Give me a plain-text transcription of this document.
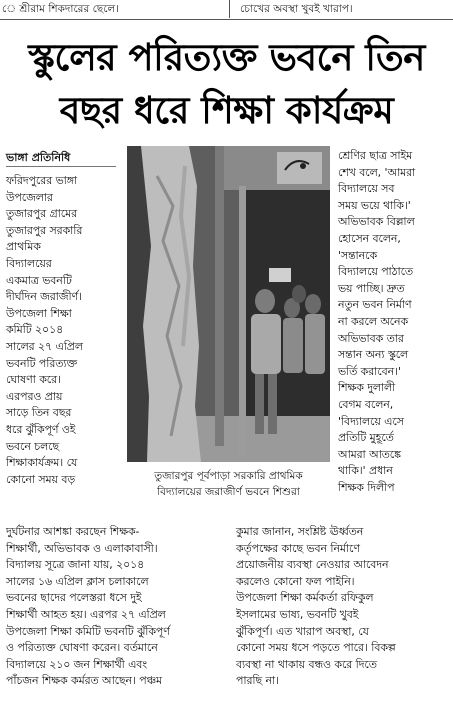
ে শ্রীরাম শিকদারের ছেলে।	চোখের অবস্থা খুবই খারাপ।
স্কুলের পরিত্যক্ত ভবনে তিন
বছর ধরে শিক্ষা কার্যক্রম
ভাঙ্গা প্রতিনিধি

ফরিদপুরের ভাঙ্গা

উপজেলার

তুজারপুর গ্রামের

তুজারপুর সরকারি

প্রাথমিক

বিদ্যালয়ের

একমাত্র ভবনটি

দীর্ঘদিন জরাজীর্ণ।

উপজেলা শিক্ষা

কমিটি ২০১৪

সালের ২৭ এপ্রিল

ভবনটি পরিত্যক্ত

ঘোষণা করে।

এরপরও প্রায়

সাড়ে তিন বছর

ধরে ঝুঁকিপূর্ণ ওই

ভবনে চলছে

শিক্ষাকার্যক্রম। যে

কোনো সময় বড়	তুজারপুর পূর্বপাড়া সরকারি প্রাথমিক
বিদ্যালয়ের জরাজীর্ণ ভবনে শিশুরা

শ্রেণির ছাত্র সাইম

শেখ বলে, 'আমরা

বিদ্যালয়ে সব

সময় ভয়ে থাকি।'

অভিভাবক বিল্লাল

হোসেন বলেন,

'সন্তানকে

বিদ্যালয়ে পাঠাতে

ভয় পাচ্ছি। দ্রুত

নতুন ভবন নির্মাণ

না করলে অনেক

অভিভাবক তার

সন্তান অন্য স্কুলে

ভর্তি করাবেন।'

শিক্ষক দুলালী

বেগম বলেন,

'বিদ্যালয়ে এসে

প্রতিটি মুহূর্তে

আমরা আতঙ্কে

থাকি।' প্রধান

শিক্ষক দিলীপ

দুর্ঘটনার আশঙ্কা করছেন শিক্ষক-

শিক্ষার্থী, অভিভাবক ও এলাকাবাসী।

বিদ্যালয় সূত্রে জানা যায়, ২০১৪

সালের ১৬ এপ্রিল ক্লাস চলাকালে

ভবনের ছাদের পলেস্তরা ধসে দুই

শিক্ষার্থী আহত হয়। এরপর ২৭ এপ্রিল

উপজেলা শিক্ষা কমিটি ভবনটি ঝুঁকিপূর্ণ

ও পরিত্যক্ত ঘোষণা করেন। বর্তমানে

বিদ্যালয়ে ২১০ জন শিক্ষার্থী এবং

পাঁচজন শিক্ষক কর্মরত আছেন। পঞ্চম

কুমার জানান, সংশ্লিষ্ট ঊর্ধ্বতন

কর্তৃপক্ষের কাছে ভবন নির্মাণে

প্রয়োজনীয় ব্যবস্থা নেওয়ার আবেদন

করলেও কোনো ফল পাইনি।

উপজেলা শিক্ষা কর্মকর্তা রফিকুল

ইসলামের ভাষ্য, ভবনটি খুবই

ঝুঁকিপূর্ণ। এত খারাপ অবস্থা, যে

কোনো সময় ধসে পড়তে পারে। বিকল্প

ব্যবস্থা না থাকায় বন্ধও করে দিতে

পারছি না।
